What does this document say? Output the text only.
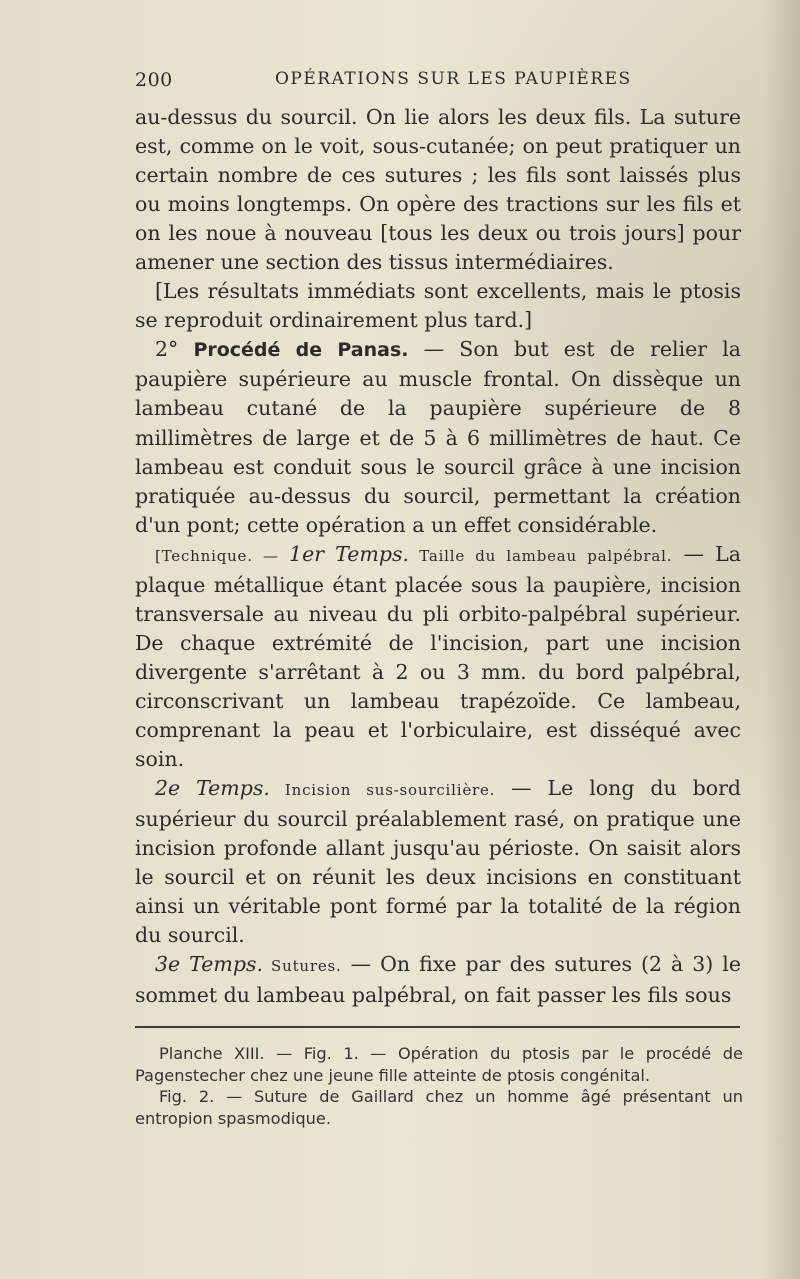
200	OPÉRATIONS SUR LES PAUPIÈRES

au-dessus du sourcil. On lie alors les deux fils. La suture est, comme on le voit, sous-cutanée; on peut pratiquer un certain nombre de ces sutures ; les fils sont laissés plus ou moins longtemps. On opère des tractions sur les fils et on les noue à nouveau [tous les deux ou trois jours] pour amener une section des tissus intermédiaires.

[Les résultats immédiats sont excellents, mais le ptosis se reproduit ordinairement plus tard.]

2° Procédé de Panas. — Son but est de relier la paupière supérieure au muscle frontal. On dissèque un lambeau cutané de la paupière supérieure de 8 millimètres de large et de 5 à 6 millimètres de haut. Ce lambeau est conduit sous le sourcil grâce à une incision pratiquée au-dessus du sourcil, permettant la création d'un pont; cette opération a un effet considérable.

[Technique. — 1er Temps. Taille du lambeau palpébral. — La plaque métallique étant placée sous la paupière, incision transversale au niveau du pli orbito-palpébral supérieur. De chaque extrémité de l'incision, part une incision divergente s'arrêtant à 2 ou 3 mm. du bord palpébral, circonscrivant un lambeau trapézoïde. Ce lambeau, comprenant la peau et l'orbiculaire, est disséqué avec soin.

2e Temps. Incision sus-sourcilière. — Le long du bord supérieur du sourcil préalablement rasé, on pratique une incision profonde allant jusqu'au périoste. On saisit alors le sourcil et on réunit les deux incisions en constituant ainsi un véritable pont formé par la totalité de la région du sourcil.

3e Temps. Sutures. — On fixe par des sutures (2 à 3) le sommet du lambeau palpébral, on fait passer les fils sous

Planche XIII. — Fig. 1. — Opération du ptosis par le procédé de Pagenstecher chez une jeune fille atteinte de ptosis congénital.

Fig. 2. — Suture de Gaillard chez un homme âgé présentant un entropion spasmodique.
